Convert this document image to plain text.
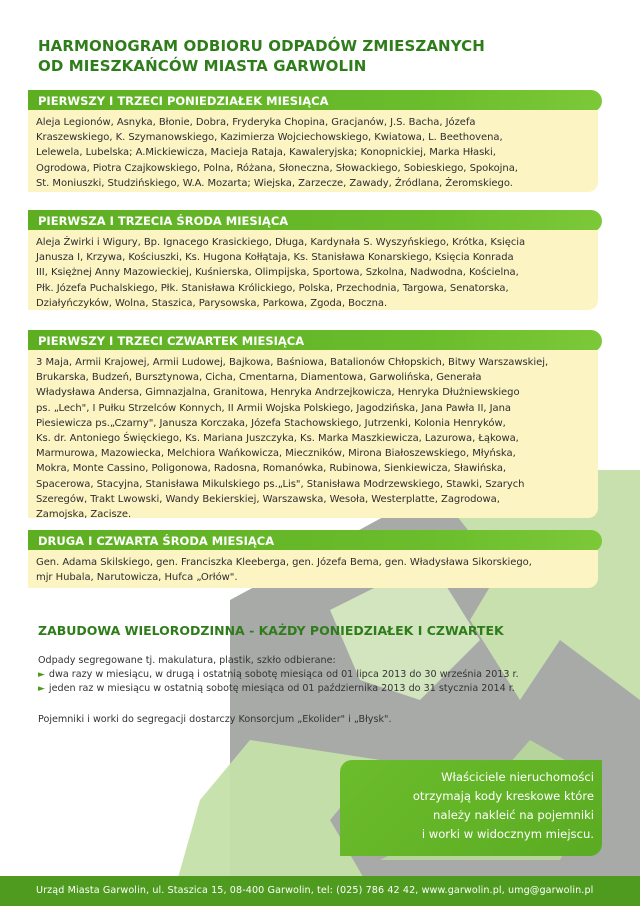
HARMONOGRAM ODBIORU ODPADÓW ZMIESZANYCH
OD MIESZKAŃCÓW MIASTA GARWOLIN
PIERWSZY I TRZECI PONIEDZIAŁEK MIESIĄCA
Aleja Legionów, Asnyka, Błonie, Dobra, Fryderyka Chopina, Gracjanów, J.S. Bacha, Józefa
Kraszewskiego, K. Szymanowskiego, Kazimierza Wojciechowskiego, Kwiatowa, L. Beethovena,
Lelewela, Lubelska; A.Mickiewicza, Macieja Rataja, Kawaleryjska; Konopnickiej, Marka Hłaski,
Ogrodowa, Piotra Czajkowskiego, Polna, Różana, Słoneczna, Słowackiego, Sobieskiego, Spokojna,
St. Moniuszki, Studzińskiego, W.A. Mozarta; Wiejska, Zarzecze, Zawady, Źródlana, Żeromskiego.
PIERWSZA I TRZECIA ŚRODA MIESIĄCA
Aleja Żwirki i Wigury, Bp. Ignacego Krasickiego, Długa, Kardynała S. Wyszyńskiego, Krótka, Księcia
Janusza I, Krzywa, Kościuszki, Ks. Hugona Kołłątaja, Ks. Stanisława Konarskiego, Księcia Konrada
III, Księżnej Anny Mazowieckiej, Kuśnierska, Olimpijska, Sportowa, Szkolna, Nadwodna, Kościelna,
Płk. Józefa Puchalskiego, Płk. Stanisława Królickiego, Polska, Przechodnia, Targowa, Senatorska,
Działyńczyków, Wolna, Staszica, Parysowska, Parkowa, Zgoda, Boczna.
PIERWSZY I TRZECI CZWARTEK MIESIĄCA
3 Maja, Armii Krajowej, Armii Ludowej, Bajkowa, Baśniowa, Batalionów Chłopskich, Bitwy Warszawskiej,
Brukarska, Budzeń, Bursztynowa, Cicha, Cmentarna, Diamentowa, Garwolińska, Generała
Władysława Andersa, Gimnazjalna, Granitowa, Henryka Andrzejkowicza, Henryka Dłużniewskiego
ps. „Lech", I Pułku Strzelców Konnych, II Armii Wojska Polskiego, Jagodzińska, Jana Pawła II, Jana
Piesiewicza ps.„Czarny", Janusza Korczaka, Józefa Stachowskiego, Jutrzenki, Kolonia Henryków,
Ks. dr. Antoniego Święckiego, Ks. Mariana Juszczyka, Ks. Marka Maszkiewicza, Lazurowa, Łąkowa,
Marmurowa, Mazowiecka, Melchiora Wańkowicza, Mieczników, Mirona Białoszewskiego, Młyńska,
Mokra, Monte Cassino, Poligonowa, Radosna, Romanówka, Rubinowa, Sienkiewicza, Sławińska,
Spacerowa, Stacyjna, Stanisława Mikulskiego ps.„Lis", Stanisława Modrzewskiego, Stawki, Szarych
Szeregów, Trakt Lwowski, Wandy Bekierskiej, Warszawska, Wesoła, Westerplatte, Zagrodowa,
Zamojska, Zacisze.
DRUGA I CZWARTA ŚRODA MIESIĄCA
Gen. Adama Skilskiego, gen. Franciszka Kleeberga, gen. Józefa Bema, gen. Władysława Sikorskiego,
mjr Hubala, Narutowicza, Hufca „Orłów".
ZABUDOWA WIELORODZINNA - KAŻDY PONIEDZIAŁEK I CZWARTEK
Odpady segregowane tj. makulatura, plastik, szkło odbierane:
► dwa razy w miesiącu, w drugą i ostatnią sobotę miesiąca od 01 lipca 2013 do 30 września 2013 r.
► jeden raz w miesiącu w ostatnią sobotę miesiąca od 01 października 2013 do 31 stycznia 2014 r.
Pojemniki i worki do segregacji dostarczy Konsorcjum „Ekolider" i „Błysk".
Właściciele nieruchomości
otrzymają kody kreskowe które
należy nakleić na pojemniki
i worki w widocznym miejscu.
Urząd Miasta Garwolin, ul. Staszica 15, 08-400 Garwolin, tel: (025) 786 42 42, www.garwolin.pl, umg@garwolin.pl
